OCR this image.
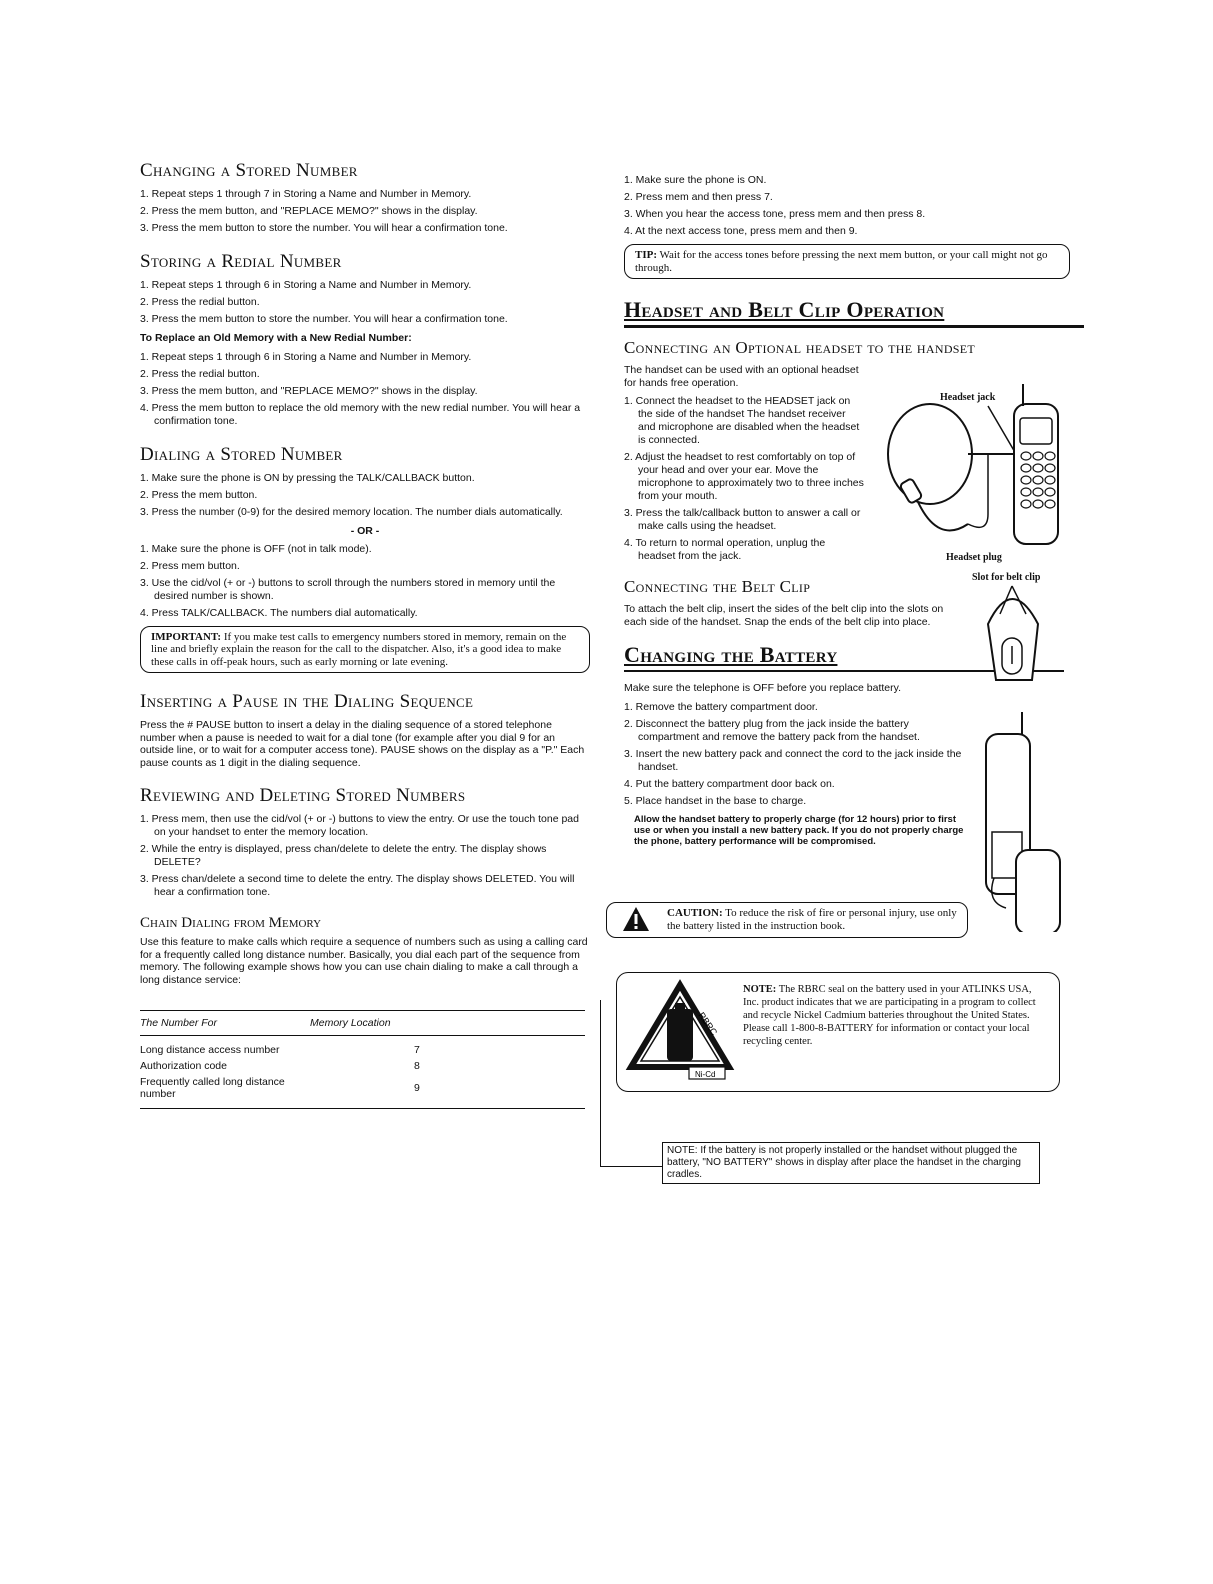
Changing a Stored Number
1. Repeat steps 1 through 7 in Storing a Name and Number in Memory.
2. Press the mem button, and "REPLACE MEMO?" shows in the display.
3. Press the mem button to store the number. You will hear a confirmation tone.
Storing a Redial Number
1. Repeat steps 1 through 6 in Storing a Name and Number in Memory.
2. Press the redial button.
3. Press the mem button to store the number. You will hear a confirmation tone.
To Replace an Old Memory with a New Redial Number:
1. Repeat steps 1 through 6 in Storing a Name and Number in Memory.
2. Press the redial button.
3. Press the mem button, and "REPLACE MEMO?" shows in the display.
4. Press the mem button to replace the old memory with the new redial number. You will hear a confirmation tone.
Dialing a Stored Number
1. Make sure the phone is ON by pressing the TALK/CALLBACK button.
2. Press the mem button.
3. Press the number (0-9) for the desired memory location. The number dials automatically.
- OR -
1. Make sure the phone is OFF (not in talk mode).
2. Press mem button.
3. Use the cid/vol (+ or -) buttons to scroll through the numbers stored in memory until the desired number is shown.
4. Press TALK/CALLBACK. The numbers dial automatically.
IMPORTANT: If you make test calls to emergency numbers stored in memory, remain on the line and briefly explain the reason for the call to the dispatcher. Also, it's a good idea to make these calls in off-peak hours, such as early morning or late evening.
Inserting a Pause in the Dialing Sequence
Press the # PAUSE button to insert a delay in the dialing sequence of a stored telephone number when a pause is needed to wait for a dial tone (for example after you dial 9 for an outside line, or to wait for a computer access tone). PAUSE shows on the display as a "P." Each pause counts as 1 digit in the dialing sequence.
Reviewing and Deleting Stored Numbers
1. Press mem, then use the cid/vol (+ or -) buttons to view the entry. Or use the touch tone pad on your handset to enter the memory location.
2. While the entry is displayed, press chan/delete to delete the entry. The display shows DELETE?
3. Press chan/delete a second time to delete the entry. The display shows DELETED. You will hear a confirmation tone.
Chain Dialing from Memory
Use this feature to make calls which require a sequence of numbers such as using a calling card for a frequently called long distance number. Basically, you dial each part of the sequence from memory. The following example shows how you can use chain dialing to make a call through a long distance service:
The Number For	Memory Location
Long distance access number	7
Authorization code	8
Frequently called long distance number	9
1. Make sure the phone is ON.
2. Press mem and then press 7.
3. When you hear the access tone, press mem and then press 8.
4. At the next access tone, press mem and then 9.
TIP: Wait for the access tones before pressing the next mem button, or your call might not go through.
Headset and Belt Clip Operation
Connecting an Optional headset to the handset
The handset can be used with an optional headset for hands free operation.
1. Connect the headset to the HEADSET jack on the side of the handset The handset receiver and microphone are disabled when the headset is connected.
2. Adjust the headset to rest comfortably on top of your head and over your ear. Move the microphone to approximately two to three inches from your mouth.
3. Press the talk/callback button to answer a call or make calls using the headset.
4. To return to normal operation, unplug the headset from the jack.
Connecting the Belt Clip
To attach the belt clip, insert the sides of the belt clip into the slots on each side of the handset. Snap the ends of the belt clip into place.
Changing the Battery
Make sure the telephone is OFF before you replace battery.
1. Remove the battery compartment door.
2. Disconnect the battery plug from the jack inside the battery compartment and remove the battery pack from the handset.
3. Insert the new battery pack and connect the cord to the jack inside the handset.
4. Put the battery compartment door back on.
5. Place handset in the base to charge.
Allow the handset battery to properly charge (for 12 hours) prior to first use or when you install a new battery pack. If you do not properly charge the phone, battery performance will be compromised.
Headset jack
Headset plug
Slot for belt clip
CAUTION: To reduce the risk of fire or personal injury, use only the battery listed in the instruction book.
RBRC
Ni-Cd
NOTE: The RBRC seal on the battery used in your ATLINKS USA, Inc. product indicates that we are participating in a program to collect and recycle Nickel Cadmium batteries throughout the United States. Please call 1-800-8-BATTERY for information or contact your local recycling center.
NOTE: If the battery is not properly installed or the handset without plugged the battery, "NO BATTERY" shows in display after place the handset in the charging cradles.
